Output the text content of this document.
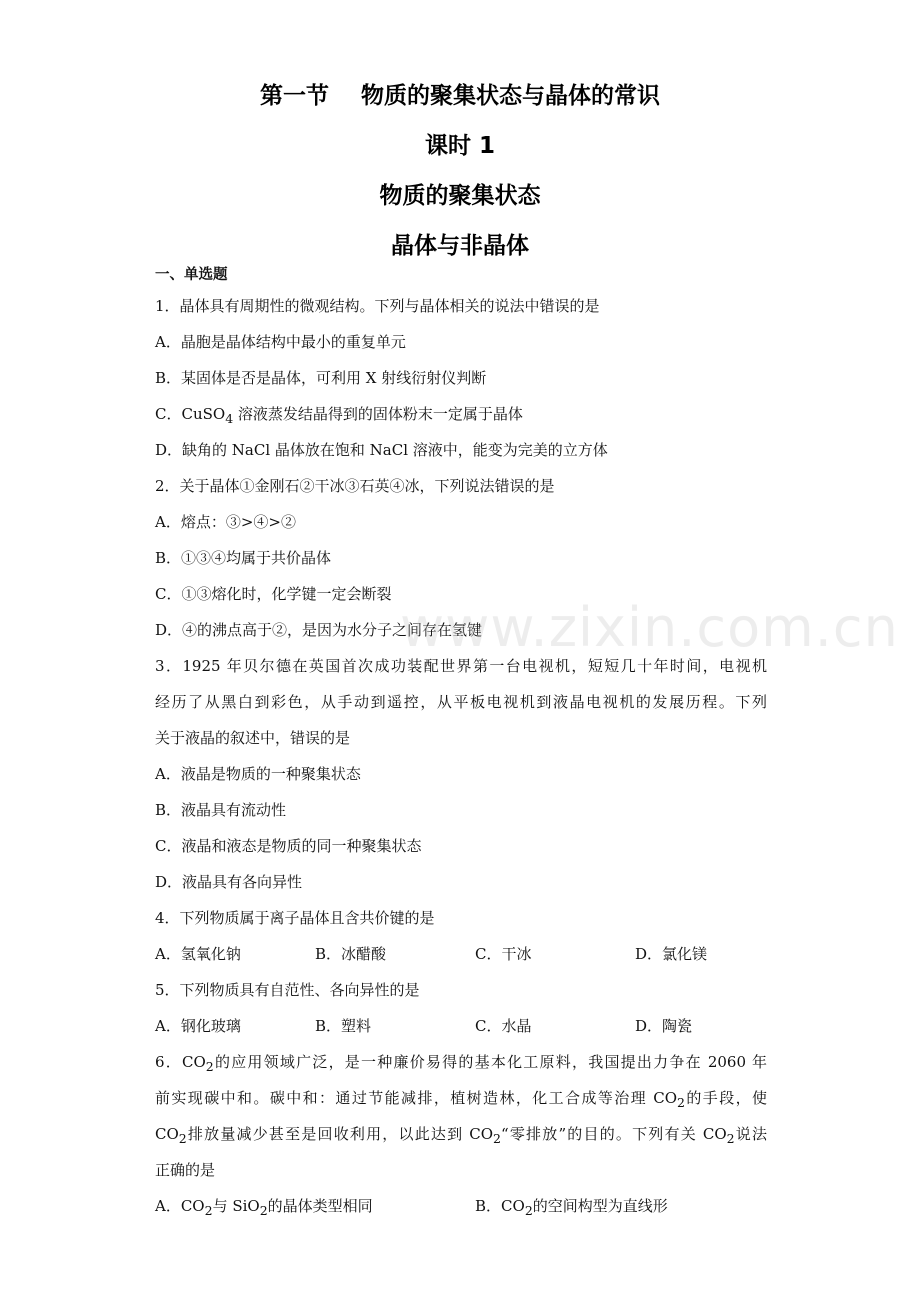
第一节    物质的聚集状态与晶体的常识
课时 1
物质的聚集状态
晶体与非晶体
一、单选题
1．晶体具有周期性的微观结构。下列与晶体相关的说法中错误的是
A．晶胞是晶体结构中最小的重复单元
B．某固体是否是晶体，可利用 X 射线衍射仪判断
C．CuSO$_4$ 溶液蒸发结晶得到的固体粉末一定属于晶体
D．缺角的 NaCl 晶体放在饱和 NaCl 溶液中，能变为完美的立方体
2．关于晶体①金刚石②干冰③石英④冰，下列说法错误的是
A．熔点：③>④>②
B．①③④均属于共价晶体
C．①③熔化时，化学键一定会断裂
D．④的沸点高于②，是因为水分子之间存在氢键
3．1925 年贝尔德在英国首次成功装配世界第一台电视机，短短几十年时间，电视机
经历了从黑白到彩色，从手动到遥控，从平板电视机到液晶电视机的发展历程。下列
关于液晶的叙述中，错误的是
A．液晶是物质的一种聚集状态
B．液晶具有流动性
C．液晶和液态是物质的同一种聚集状态
D．液晶具有各向异性
4．下列物质属于离子晶体且含共价键的是
A．氢氧化钠	B．冰醋酸	C．干冰	D．氯化镁
5．下列物质具有自范性、各向异性的是
A．钢化玻璃	B．塑料	C．水晶	D．陶瓷
6．$CO_2$的应用领域广泛，是一种廉价易得的基本化工原料，我国提出力争在 2060 年
前实现碳中和。碳中和：通过节能减排，植树造林，化工合成等治理 $CO_2$的手段，使
$CO_2$排放量减少甚至是回收利用，以此达到 $CO_2“$零排放”的目的。下列有关 $CO_2$说法
正确的是
A．$CO_2$与 SiO$_2$的晶体类型相同	B．$CO_2$的空间构型为直线形
www.zixin.com.cn
